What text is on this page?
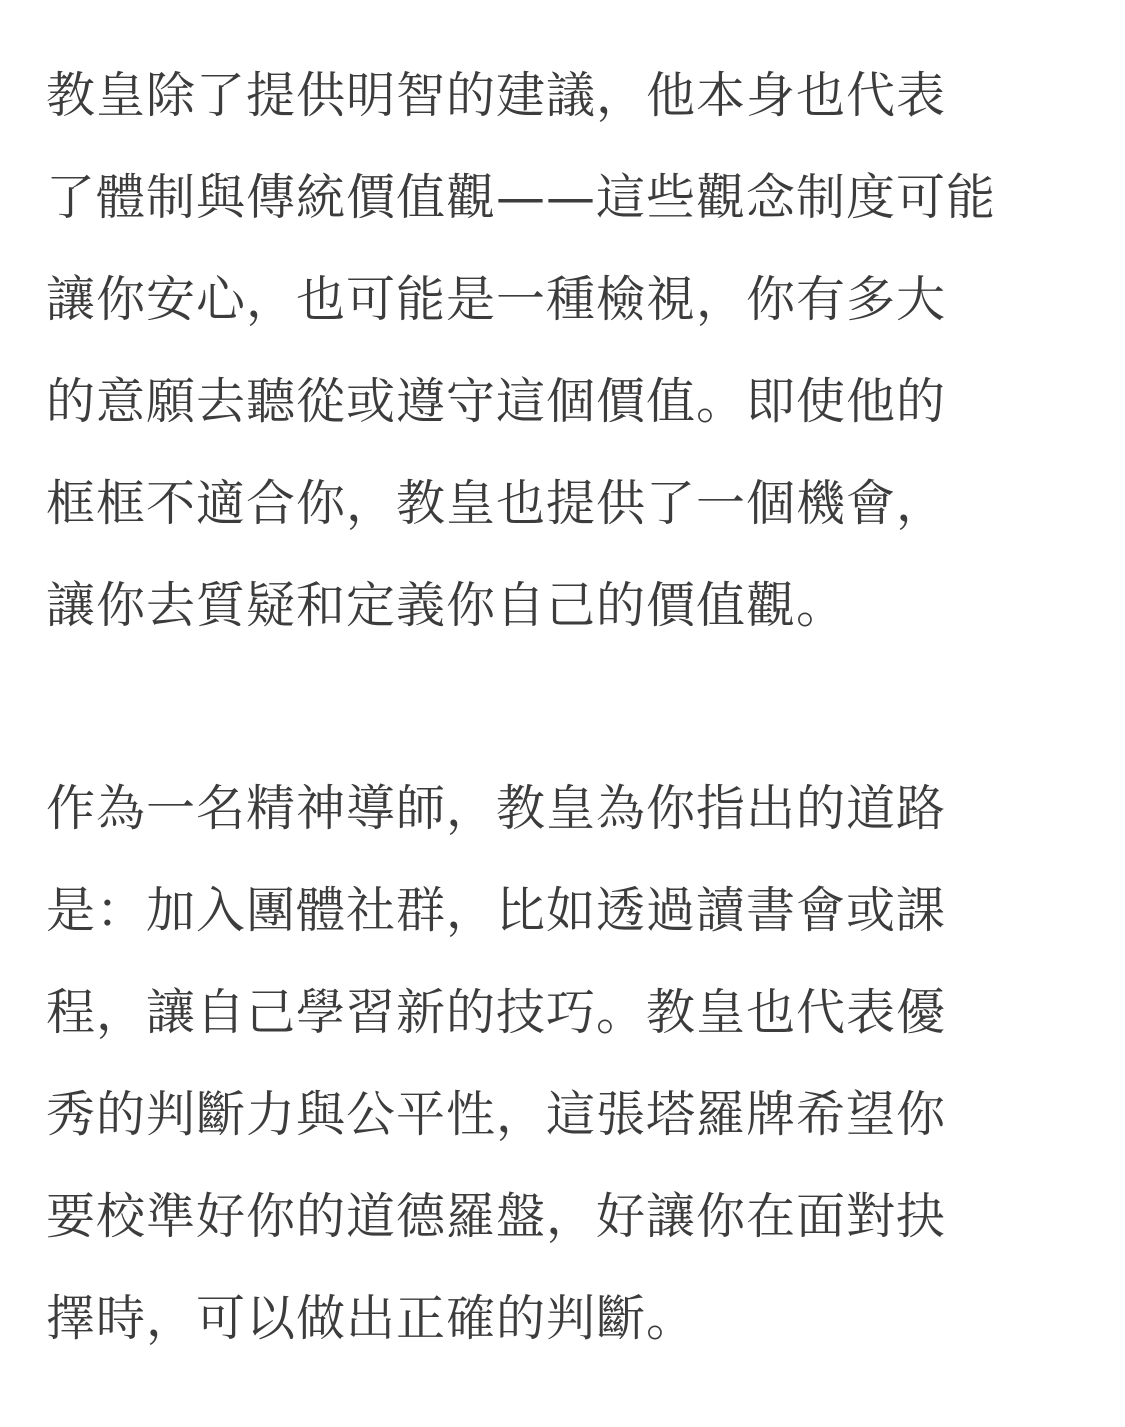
教皇除了提供明智的建議，他本身也代表
了體制與傳統價值觀——這些觀念制度可能
讓你安心，也可能是一種檢視，你有多大
的意願去聽從或遵守這個價值。即使他的
框框不適合你，教皇也提供了一個機會，
讓你去質疑和定義你自己的價值觀。

作為一名精神導師，教皇為你指出的道路
是：加入團體社群，比如透過讀書會或課
程，讓自己學習新的技巧。教皇也代表優
秀的判斷力與公平性，這張塔羅牌希望你
要校準好你的道德羅盤，好讓你在面對抉
擇時，可以做出正確的判斷。
